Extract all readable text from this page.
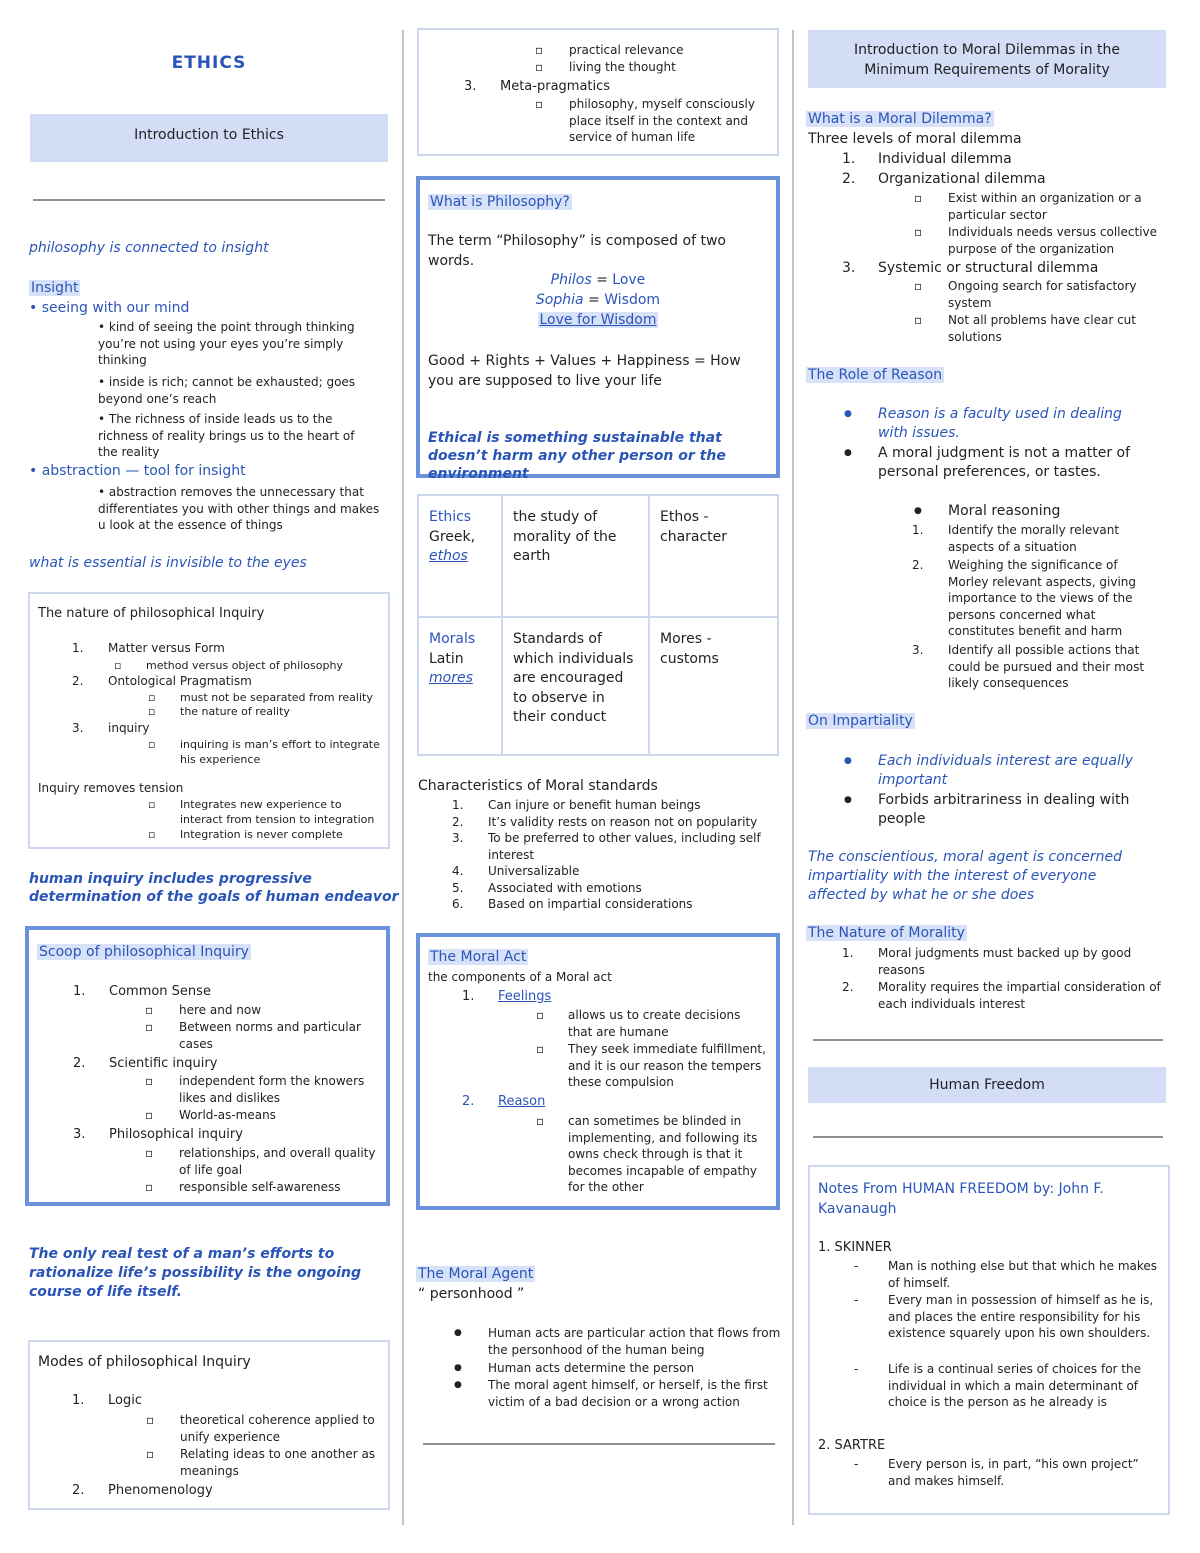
ETHICS
Introduction to Ethics
philosophy is connected to insight
Insight
• seeing with our mind
• kind of seeing the point through thinking you’re not using your eyes you’re simply thinking
• inside is rich; cannot be exhausted; goes beyond one’s reach
• The richness of inside leads us to the richness of reality brings us to the heart of the reality
• abstraction — tool for insight
• abstraction removes the unnecessary that differentiates you with other things and makes u look at the essence of things
what is essential is invisible to the eyes
The nature of philosophical Inquiry
1. Matter versus Form
▫ method versus object of philosophy
2. Ontological Pragmatism
▫ must not be separated from reality
▫ the nature of reality
3. inquiry
▫ inquiring is man’s effort to integrate his experience
Inquiry removes tension
▫ Integrates new experience to interact from tension to integration
▫ Integration is never complete
human inquiry includes progressive determination of the goals of human endeavor
Scoop of philosophical Inquiry
1. Common Sense
▫ here and now
▫ Between norms and particular cases
2. Scientific inquiry
▫ independent form the knowers likes and dislikes
▫ World-as-means
3. Philosophical inquiry
▫ relationships, and overall quality of life goal
▫ responsible self-awareness
The only real test of a man’s efforts to rationalize life’s possibility is the ongoing course of life itself.
Modes of philosophical Inquiry
1. Logic
▫ theoretical coherence applied to unify experience
▫ Relating ideas to one another as meanings
2. Phenomenology
▫ practical relevance
▫ living the thought
3. Meta-pragmatics
▫ philosophy, myself consciously place itself in the context and service of human life
What is Philosophy?
The term “Philosophy” is composed of two words.
Philos = Love
Sophia = Wisdom
Love for Wisdom
Good + Rights + Values + Happiness = How you are supposed to live your life
Ethical is something sustainable that doesn’t harm any other person or the environment
Ethics
Greek,
ethos	the study of morality of the earth	Ethos - character
Morals
Latin
mores	Standards of which individuals are encouraged to observe in their conduct	Mores - customs
Characteristics of Moral standards
1. Can injure or benefit human beings
2. It’s validity rests on reason not on popularity
3. To be preferred to other values, including self interest
4. Universalizable
5. Associated with emotions
6. Based on impartial considerations
The Moral Act
the components of a Moral act
1. Feelings
▫ allows us to create decisions that are humane
▫ They seek immediate fulfillment, and it is our reason the tempers these compulsion
2. Reason
▫ can sometimes be blinded in implementing, and following its owns check through is that it becomes incapable of empathy for the other
The Moral Agent
“ personhood ”
● Human acts are particular action that flows from the personhood of the human being
● Human acts determine the person
● The moral agent himself, or herself, is the first victim of a bad decision or a wrong action
Introduction to Moral Dilemmas in the Minimum Requirements of Morality
What is a Moral Dilemma?
Three levels of moral dilemma
1. Individual dilemma
2. Organizational dilemma
▫ Exist within an organization or a particular sector
▫ Individuals needs versus collective purpose of the organization
3. Systemic or structural dilemma
▫ Ongoing search for satisfactory system
▫ Not all problems have clear cut solutions
The Role of Reason
● Reason is a faculty used in dealing with issues.
● A moral judgment is not a matter of personal preferences, or tastes.
● Moral reasoning
1. Identify the morally relevant aspects of a situation
2. Weighing the significance of Morley relevant aspects, giving importance to the views of the persons concerned what constitutes benefit and harm
3. Identify all possible actions that could be pursued and their most likely consequences
On Impartiality
● Each individuals interest are equally important
● Forbids arbitrariness in dealing with people
The conscientious, moral agent is concerned impartiality with the interest of everyone affected by what he or she does
The Nature of Morality
1. Moral judgments must backed up by good reasons
2. Morality requires the impartial consideration of each individuals interest
Human Freedom
Notes From HUMAN FREEDOM by: John F. Kavanaugh
1. SKINNER
- Man is nothing else but that which he makes of himself.
- Every man in possession of himself as he is, and places the entire responsibility for his existence squarely upon his own shoulders.
- Life is a continual series of choices for the individual in which a main determinant of choice is the person as he already is
2. SARTRE
- Every person is, in part, “his own project” and makes himself.
